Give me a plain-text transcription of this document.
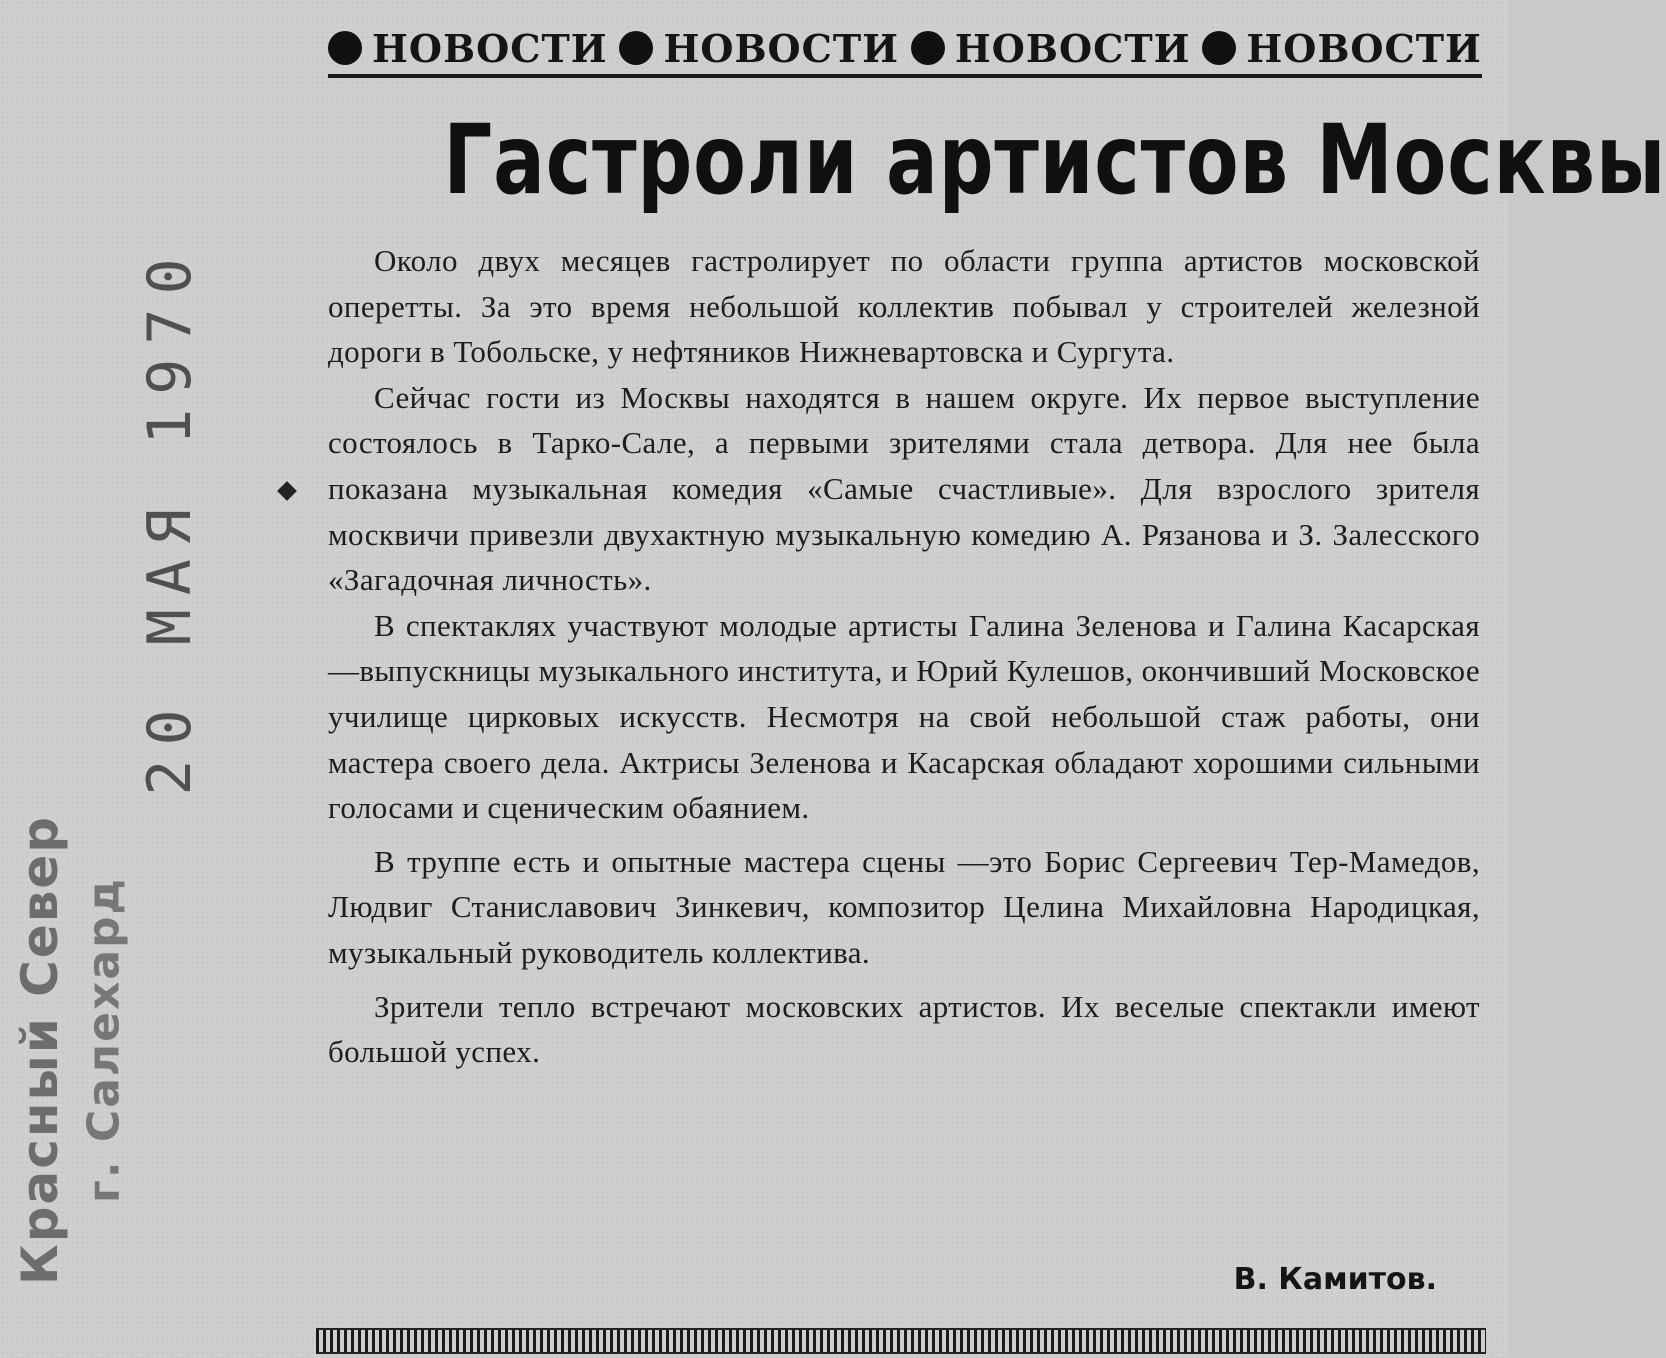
НОВОСТИ НОВОСТИ НОВОСТИ НОВОСТИ
Гастроли артистов Москвы

Около двух месяцев гастролирует по области группа артистов московской оперетты. За это время небольшой коллектив побывал у строителей железной дороги в Тобольске, у нефтяников Нижневартовска и Сургута.

Сейчас гости из Москвы находятся в нашем округе. Их первое выступление состоялось в Тарко-Сале, а первыми зрителями стала детвора. Для нее была показана музыкальная комедия «Самые счастливые». Для взрослого зрителя москвичи привезли двухактную музыкальную комедию А. Рязанова и З. Залесского «Загадочная личность».

В спектаклях участвуют молодые артисты Галина Зеленова и Галина Касарская—выпускницы музыкального института, и Юрий Кулешов, окончивший Московское училище цирковых искусств. Несмотря на свой небольшой стаж работы, они мастера своего дела. Актрисы Зеленова и Касарская обладают хорошими сильными голосами и сценическим обаянием.

В труппе есть и опытные мастера сцены —это Борис Сергеевич Тер-Мамедов, Людвиг Станиславович Зинкевич, композитор Целина Михайловна Народицкая, музыкальный руководитель коллектива.

Зрители тепло встречают московских артистов. Их веселые спектакли имеют большой успех.

В. Камитов.
20 МАЯ 1970
Красный Север г. Салехард
